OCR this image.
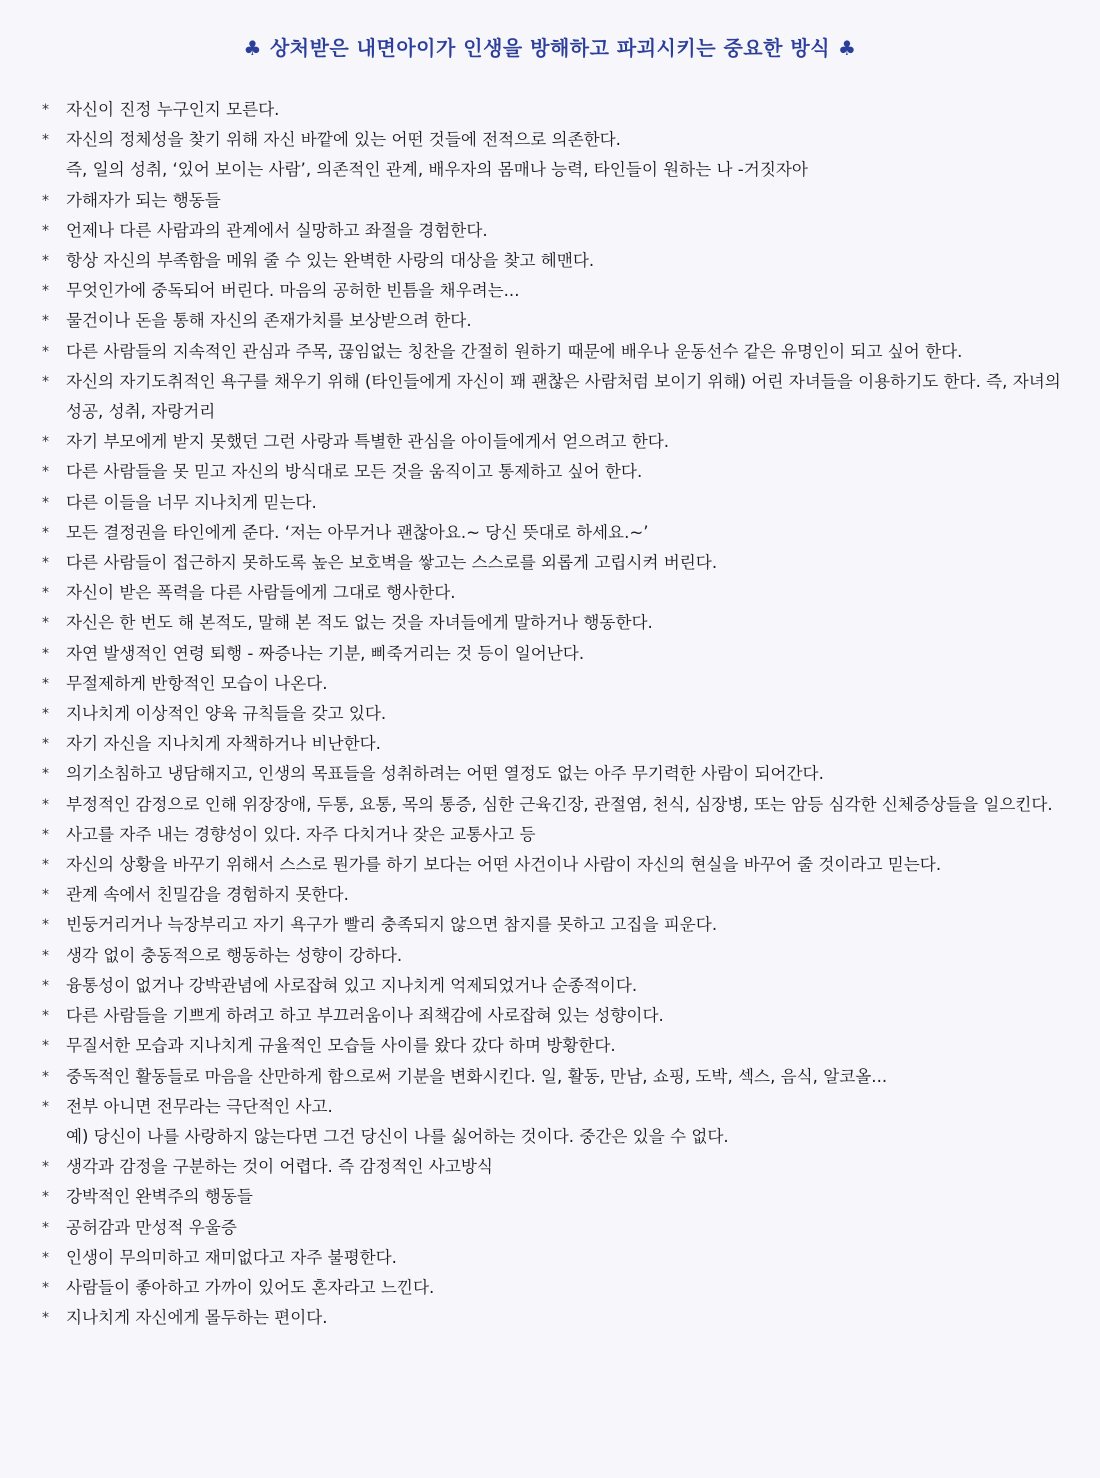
♣ 상처받은 내면아이가 인생을 방해하고 파괴시키는 중요한 방식 ♣
*	자신이 진정 누구인지 모른다.
*	자신의 정체성을 찾기 위해 자신 바깥에 있는 어떤 것들에 전적으로 의존한다.
즉, 일의 성취, ‘있어 보이는 사람’, 의존적인 관계, 배우자의 몸매나 능력, 타인들이 원하는 나 -거짓자아
*	가해자가 되는 행동들
*	언제나 다른 사람과의 관계에서 실망하고 좌절을 경험한다.
*	항상 자신의 부족함을 메워 줄 수 있는 완벽한 사랑의 대상을 찾고 헤맨다.
*	무엇인가에 중독되어 버린다. 마음의 공허한 빈틈을 채우려는...
*	물건이나 돈을 통해 자신의 존재가치를 보상받으려 한다.
*	다른 사람들의 지속적인 관심과 주목, 끊임없는 칭찬을 간절히 원하기 때문에 배우나 운동선수 같은 유명인이 되고 싶어 한다.
*	자신의 자기도취적인 욕구를 채우기 위해 (타인들에게 자신이 꽤 괜찮은 사람처럼 보이기 위해) 어린 자녀들을 이용하기도 한다. 즉, 자녀의 성공, 성취, 자랑거리
*	자기 부모에게 받지 못했던 그런 사랑과 특별한 관심을 아이들에게서 얻으려고 한다.
*	다른 사람들을 못 믿고 자신의 방식대로 모든 것을 움직이고 통제하고 싶어 한다.
*	다른 이들을 너무 지나치게 믿는다.
*	모든 결정권을 타인에게 준다. ‘저는 아무거나 괜찮아요.~ 당신 뜻대로 하세요.~’
*	다른 사람들이 접근하지 못하도록 높은 보호벽을 쌓고는 스스로를 외롭게 고립시켜 버린다.
*	자신이 받은 폭력을 다른 사람들에게 그대로 행사한다.
*	자신은 한 번도 해 본적도, 말해 본 적도 없는 것을 자녀들에게 말하거나 행동한다.
*	자연 발생적인 연령 퇴행 - 짜증나는 기분, 삐죽거리는 것 등이 일어난다.
*	무절제하게 반항적인 모습이 나온다.
*	지나치게 이상적인 양육 규칙들을 갖고 있다.
*	자기 자신을 지나치게 자책하거나 비난한다.
*	의기소침하고 냉담해지고, 인생의 목표들을 성취하려는 어떤 열정도 없는 아주 무기력한 사람이 되어간다.
*	부정적인 감정으로 인해 위장장애, 두통, 요통, 목의 통증, 심한 근육긴장, 관절염, 천식, 심장병, 또는 암등 심각한 신체증상들을 일으킨다.
*	사고를 자주 내는 경향성이 있다. 자주 다치거나 잦은 교통사고 등
*	자신의 상황을 바꾸기 위해서 스스로 뭔가를 하기 보다는 어떤 사건이나 사람이 자신의 현실을 바꾸어 줄 것이라고 믿는다.
*	관계 속에서 친밀감을 경험하지 못한다.
*	빈둥거리거나 늑장부리고 자기 욕구가 빨리 충족되지 않으면 참지를 못하고 고집을 피운다.
*	생각 없이 충동적으로 행동하는 성향이 강하다.
*	융통성이 없거나 강박관념에 사로잡혀 있고 지나치게 억제되었거나 순종적이다.
*	다른 사람들을 기쁘게 하려고 하고 부끄러움이나 죄책감에 사로잡혀 있는 성향이다.
*	무질서한 모습과 지나치게 규율적인 모습들 사이를 왔다 갔다 하며 방황한다.
*	중독적인 활동들로 마음을 산만하게 함으로써 기분을 변화시킨다. 일, 활동, 만남, 쇼핑, 도박, 섹스, 음식, 알코올...
*	전부 아니면 전무라는 극단적인 사고.
예) 당신이 나를 사랑하지 않는다면 그건 당신이 나를 싫어하는 것이다. 중간은 있을 수 없다.
*	생각과 감정을 구분하는 것이 어렵다. 즉 감정적인 사고방식
*	강박적인 완벽주의 행동들
*	공허감과 만성적 우울증
*	인생이 무의미하고 재미없다고 자주 불평한다.
*	사람들이 좋아하고 가까이 있어도 혼자라고 느낀다.
*	지나치게 자신에게 몰두하는 편이다.
